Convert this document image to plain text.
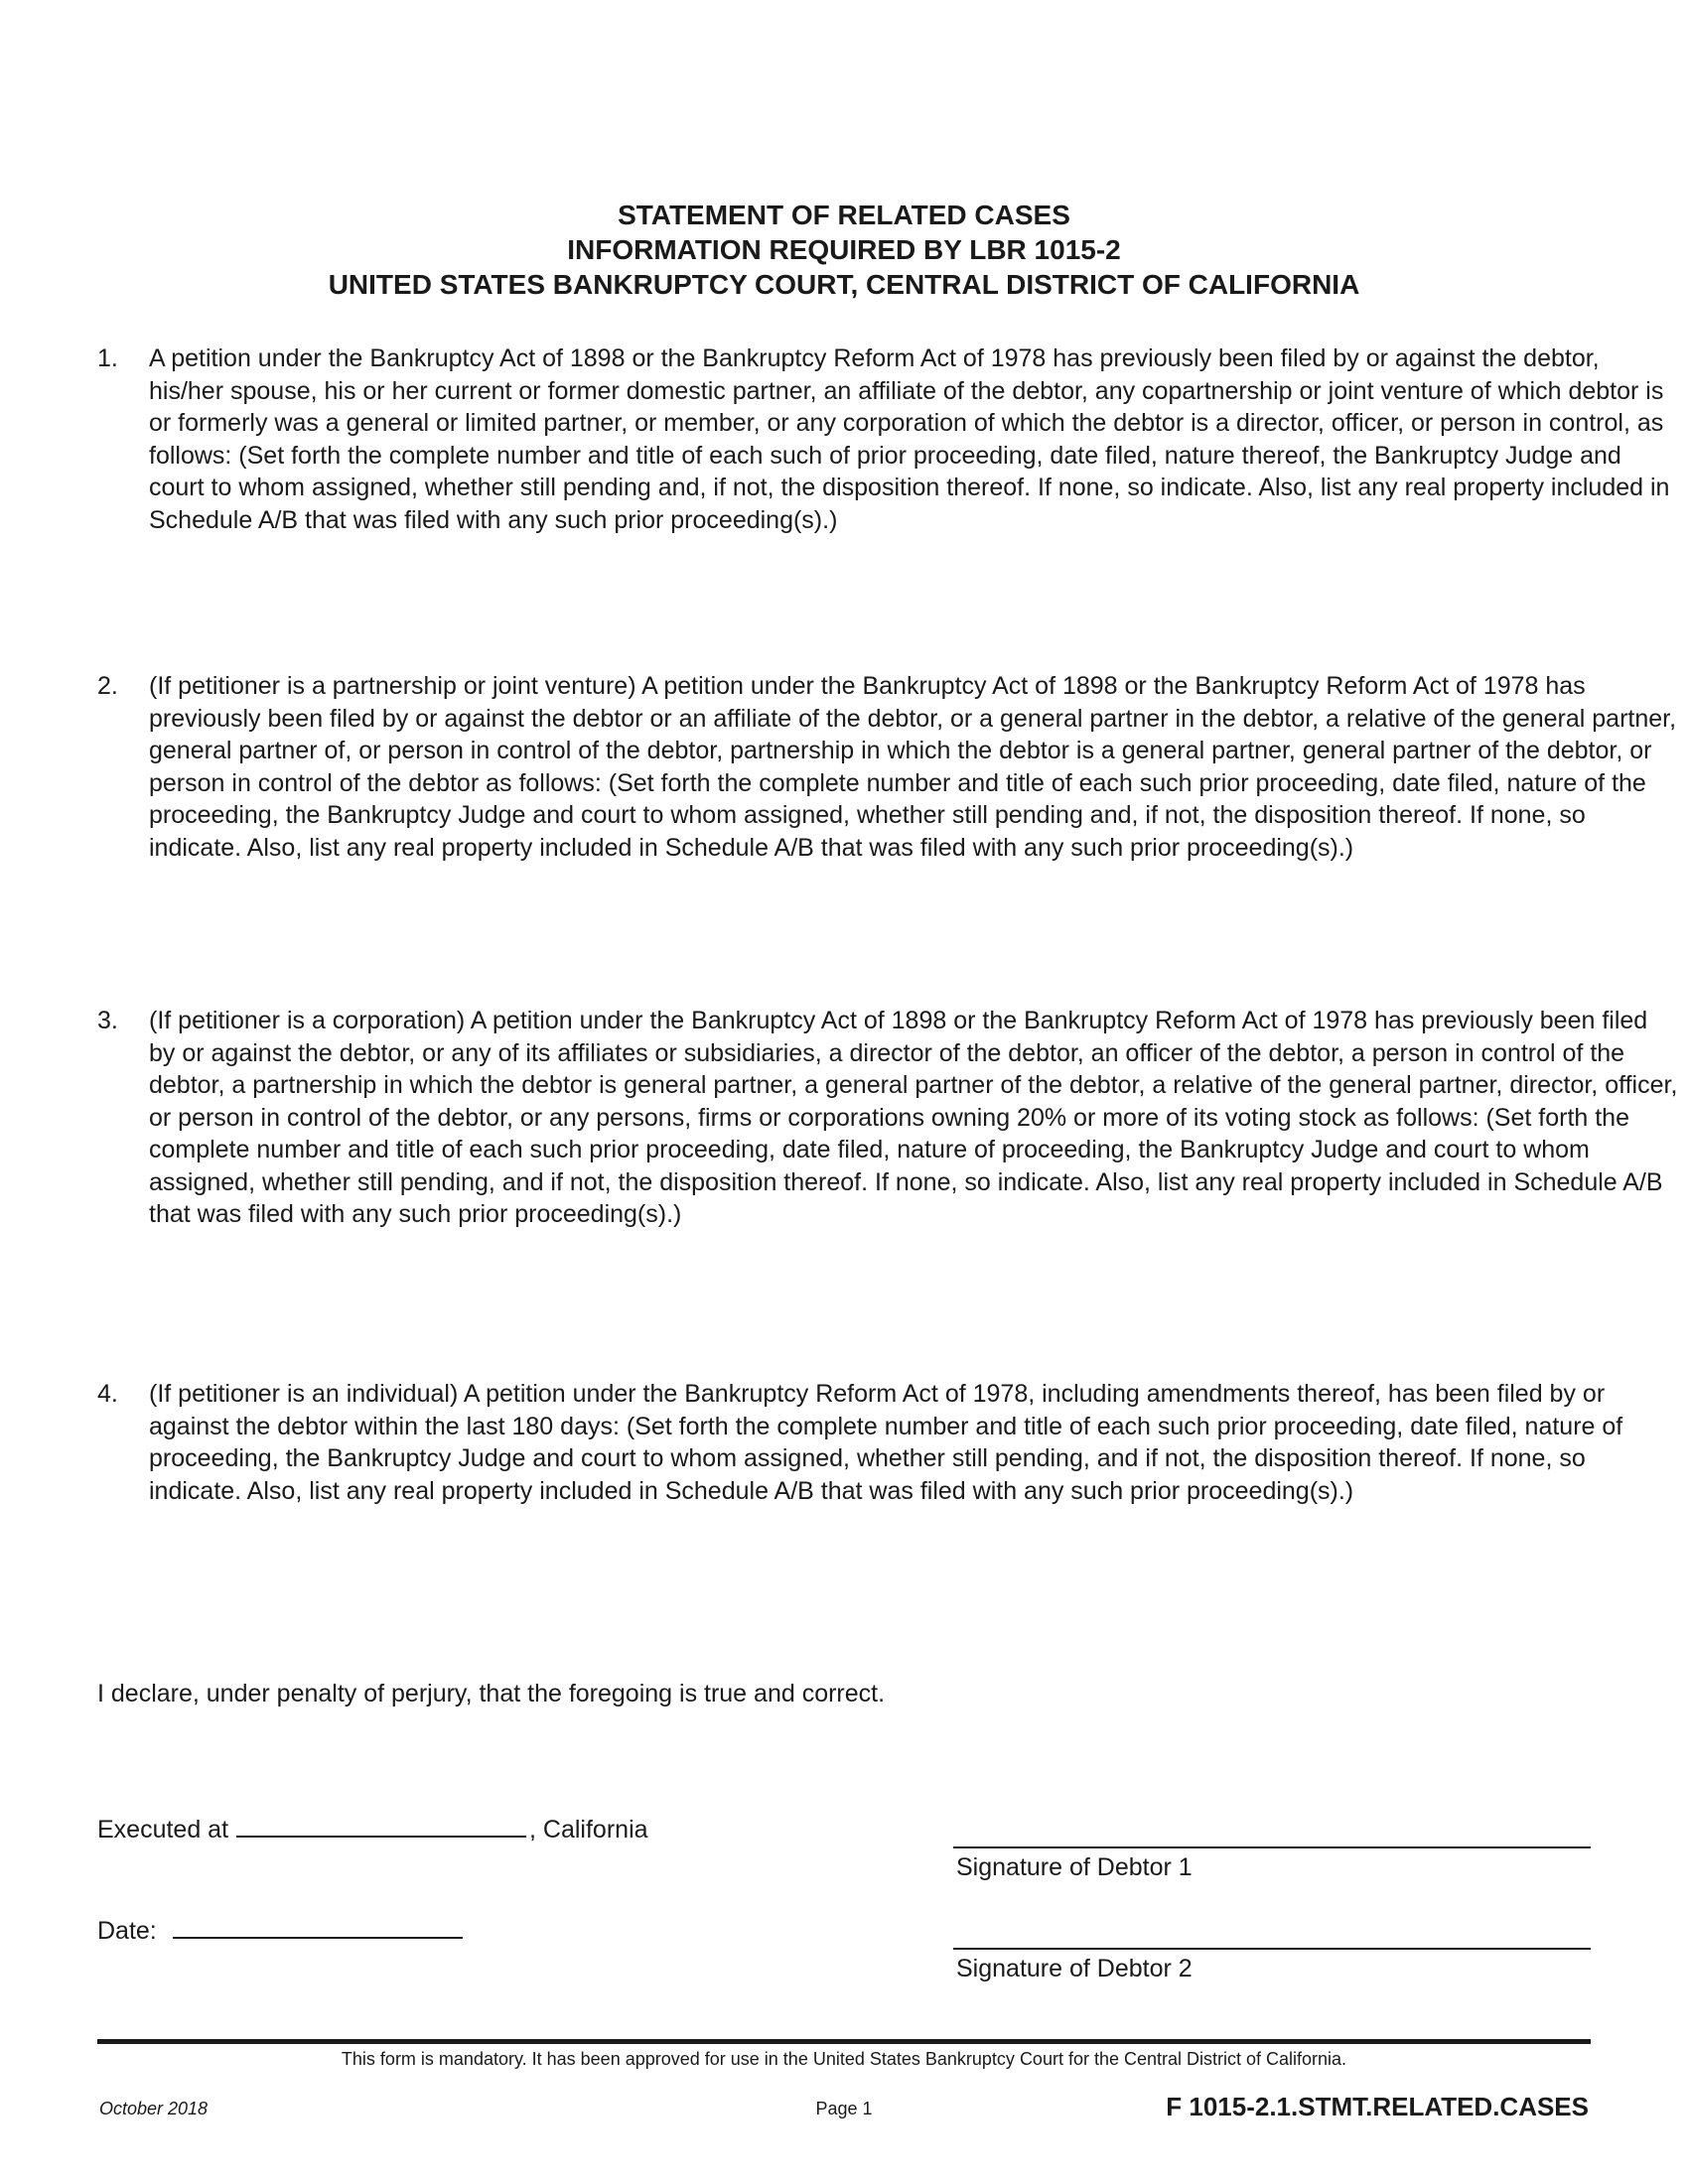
STATEMENT OF RELATED CASES
INFORMATION REQUIRED BY LBR 1015-2
UNITED STATES BANKRUPTCY COURT, CENTRAL DISTRICT OF CALIFORNIA
1. A petition under the Bankruptcy Act of 1898 or the Bankruptcy Reform Act of 1978 has previously been filed by or against the debtor, his/her spouse, his or her current or former domestic partner, an affiliate of the debtor, any copartnership or joint venture of which debtor is or formerly was a general or limited partner, or member, or any corporation of which the debtor is a director, officer, or person in control, as follows: (Set forth the complete number and title of each such of prior proceeding, date filed, nature thereof, the Bankruptcy Judge and court to whom assigned, whether still pending and, if not, the disposition thereof. If none, so indicate. Also, list any real property included in Schedule A/B that was filed with any such prior proceeding(s).)
2. (If petitioner is a partnership or joint venture) A petition under the Bankruptcy Act of 1898 or the Bankruptcy Reform Act of 1978 has previously been filed by or against the debtor or an affiliate of the debtor, or a general partner in the debtor, a relative of the general partner, general partner of, or person in control of the debtor, partnership in which the debtor is a general partner, general partner of the debtor, or person in control of the debtor as follows: (Set forth the complete number and title of each such prior proceeding, date filed, nature of the proceeding, the Bankruptcy Judge and court to whom assigned, whether still pending and, if not, the disposition thereof. If none, so indicate. Also, list any real property included in Schedule A/B that was filed with any such prior proceeding(s).)
3. (If petitioner is a corporation) A petition under the Bankruptcy Act of 1898 or the Bankruptcy Reform Act of 1978 has previously been filed by or against the debtor, or any of its affiliates or subsidiaries, a director of the debtor, an officer of the debtor, a person in control of the debtor, a partnership in which the debtor is general partner, a general partner of the debtor, a relative of the general partner, director, officer, or person in control of the debtor, or any persons, firms or corporations owning 20% or more of its voting stock as follows: (Set forth the complete number and title of each such prior proceeding, date filed, nature of proceeding, the Bankruptcy Judge and court to whom assigned, whether still pending, and if not, the disposition thereof. If none, so indicate. Also, list any real property included in Schedule A/B that was filed with any such prior proceeding(s).)
4. (If petitioner is an individual) A petition under the Bankruptcy Reform Act of 1978, including amendments thereof, has been filed by or against the debtor within the last 180 days: (Set forth the complete number and title of each such prior proceeding, date filed, nature of proceeding, the Bankruptcy Judge and court to whom assigned, whether still pending, and if not, the disposition thereof. If none, so indicate. Also, list any real property included in Schedule A/B that was filed with any such prior proceeding(s).)
I declare, under penalty of perjury, that the foregoing is true and correct.
Executed at	, California
Date:
Signature of Debtor 1
Signature of Debtor 2
This form is mandatory. It has been approved for use in the United States Bankruptcy Court for the Central District of California.
October 2018	Page 1	F 1015-2.1.STMT.RELATED.CASES
